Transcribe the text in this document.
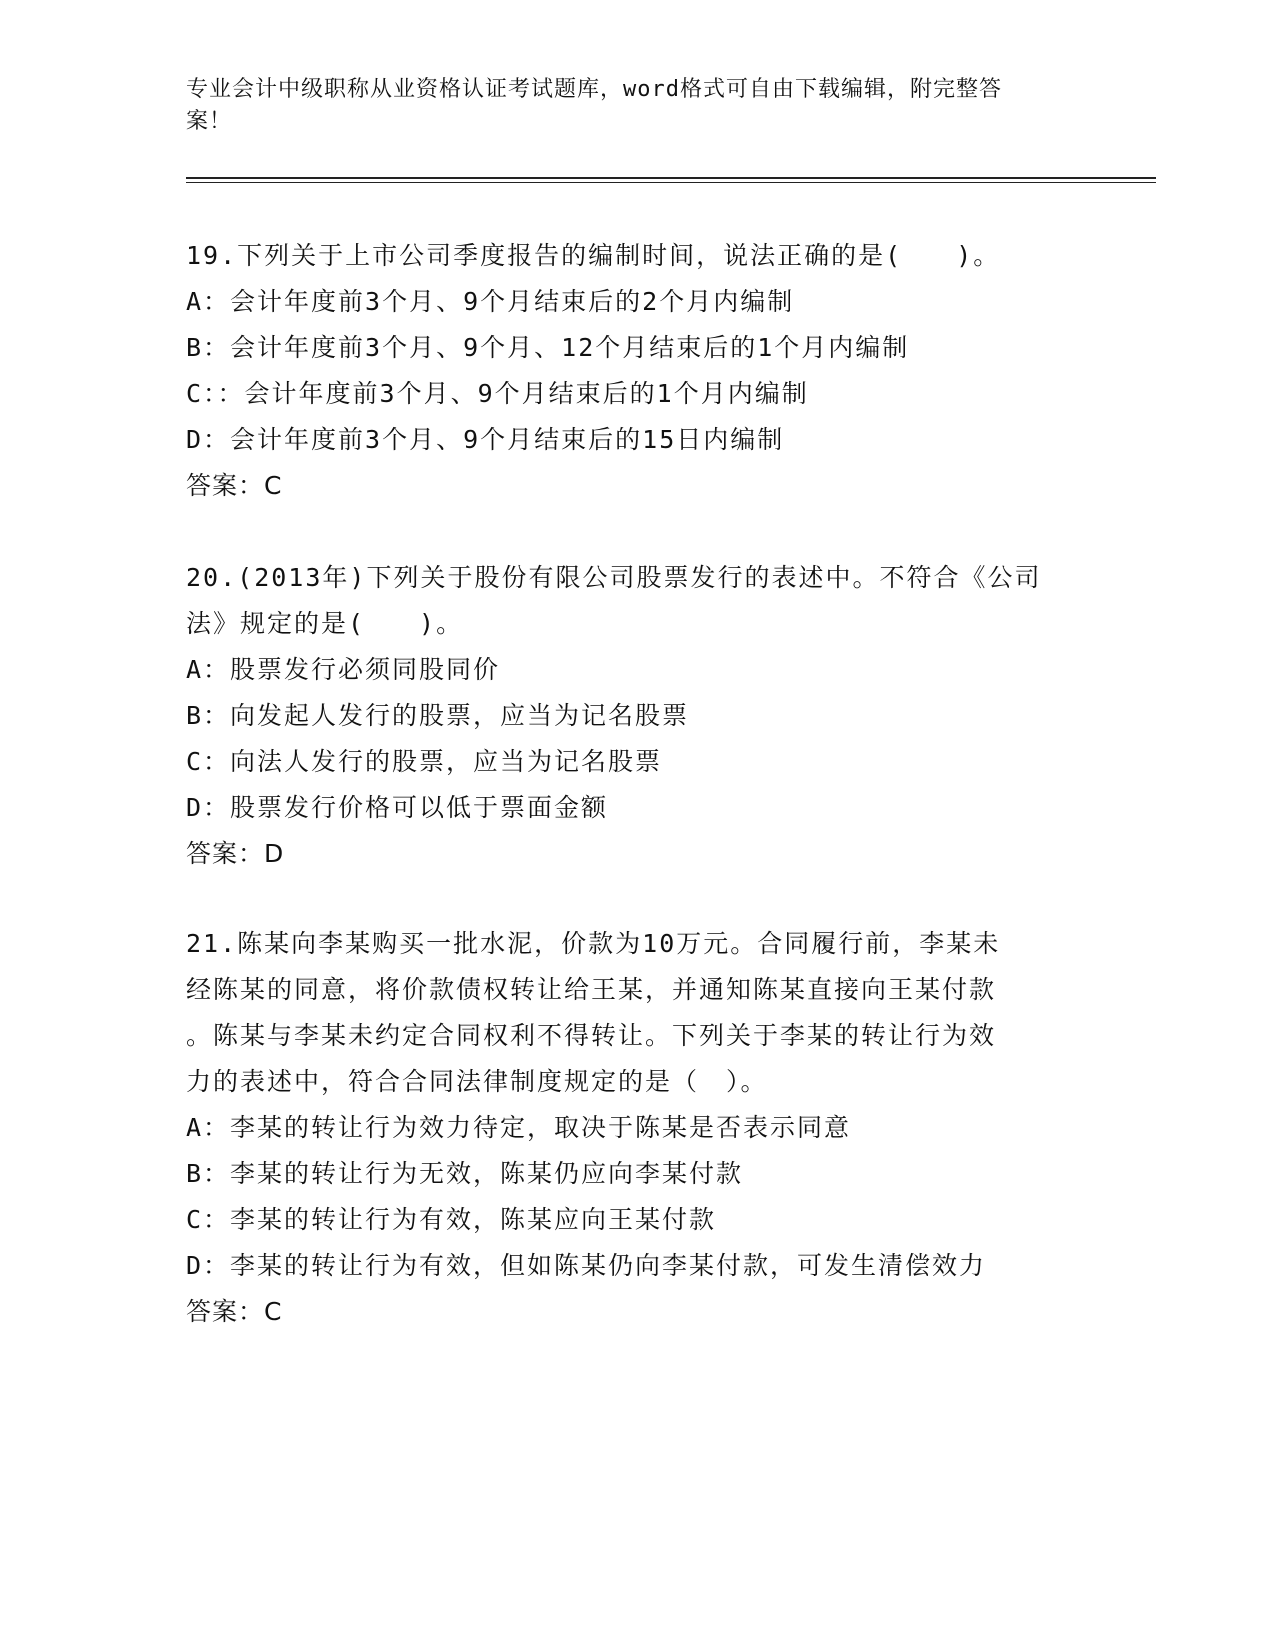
专业会计中级职称从业资格认证考试题库，word格式可自由下载编辑，附完整答
案！
19.下列关于上市公司季度报告的编制时间，说法正确的是(　　)。
A：会计年度前3个月、9个月结束后的2个月内编制
B：会计年度前3个月、9个月、12个月结束后的1个月内编制
C：：会计年度前3个月、9个月结束后的1个月内编制
D：会计年度前3个月、9个月结束后的15日内编制
答案：C
20.(2013年)下列关于股份有限公司股票发行的表述中。不符合《公司
法》规定的是(　　)。
A：股票发行必须同股同价
B：向发起人发行的股票，应当为记名股票
C：向法人发行的股票，应当为记名股票
D：股票发行价格可以低于票面金额
答案：D
21.陈某向李某购买一批水泥，价款为10万元。合同履行前，李某未
经陈某的同意，将价款债权转让给王某，并通知陈某直接向王某付款
。陈某与李某未约定合同权利不得转让。下列关于李某的转让行为效
力的表述中，符合合同法律制度规定的是（　）。
A：李某的转让行为效力待定，取决于陈某是否表示同意
B：李某的转让行为无效，陈某仍应向李某付款
C：李某的转让行为有效，陈某应向王某付款
D：李某的转让行为有效，但如陈某仍向李某付款，可发生清偿效力
答案：C
